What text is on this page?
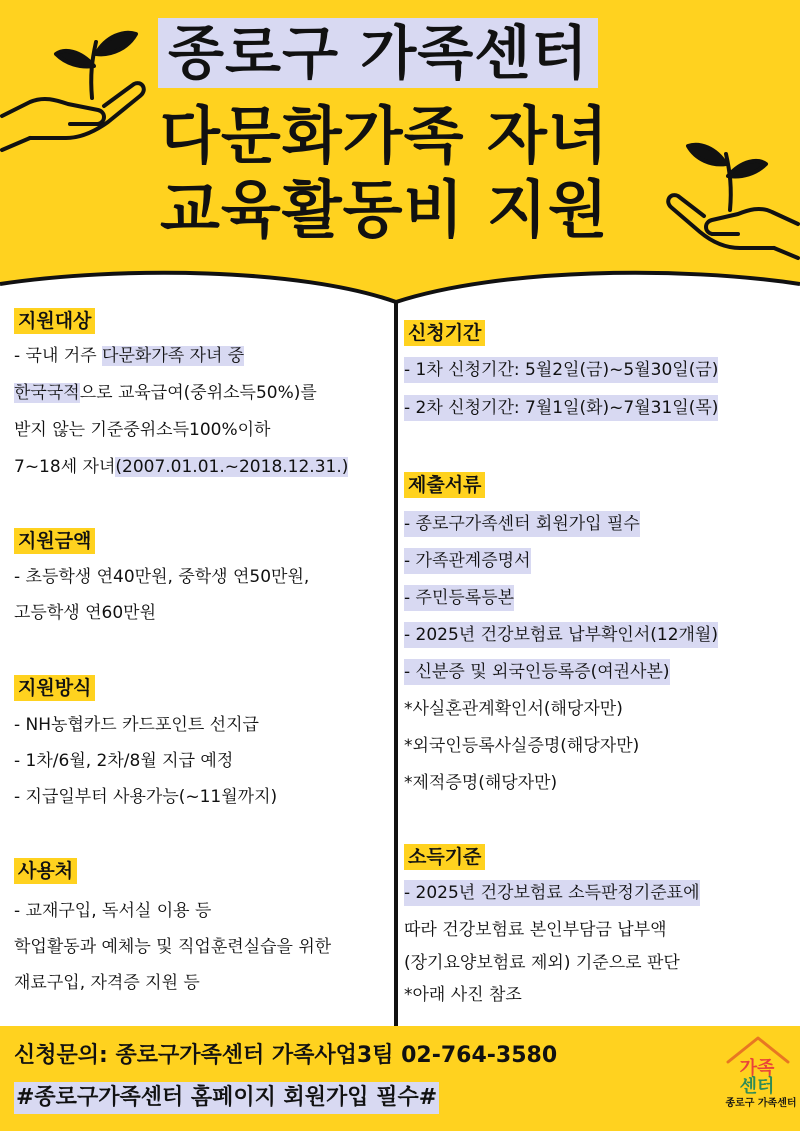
종로구 가족센터
다문화가족 자녀
교육활동비 지원
지원대상
- 국내 거주 다문화가족 자녀 중
한국국적으로 교육급여(중위소득50%)를
받지 않는 기준중위소득100%이하
7~18세 자녀(2007.01.01.~2018.12.31.)
지원금액
- 초등학생 연40만원, 중학생 연50만원,
고등학생 연60만원
지원방식
- NH농협카드 카드포인트 선지급
- 1차/6월, 2차/8월 지급 예정
- 지급일부터 사용가능(~11월까지)
사용처
- 교재구입, 독서실 이용 등
학업활동과 예체능 및 직업훈련실습을 위한
재료구입, 자격증 지원 등
신청기간
- 1차 신청기간: 5월2일(금)~5월30일(금)
- 2차 신청기간: 7월1일(화)~7월31일(목)
제출서류
- 종로구가족센터 회원가입 필수
- 가족관계증명서
- 주민등록등본
- 2025년 건강보험료 납부확인서(12개월)
- 신분증 및 외국인등록증(여권사본)
*사실혼관계확인서(해당자만)
*외국인등록사실증명(해당자만)
*제적증명(해당자만)
소득기준
- 2025년 건강보험료 소득판정기준표에
따라 건강보험료 본인부담금 납부액
(장기요양보험료 제외) 기준으로 판단
*아래 사진 참조
신청문의: 종로구가족센터 가족사업3팀 02-764-3580
#종로구가족센터 홈페이지 회원가입 필수#
가족
센터
종로구 가족센터
